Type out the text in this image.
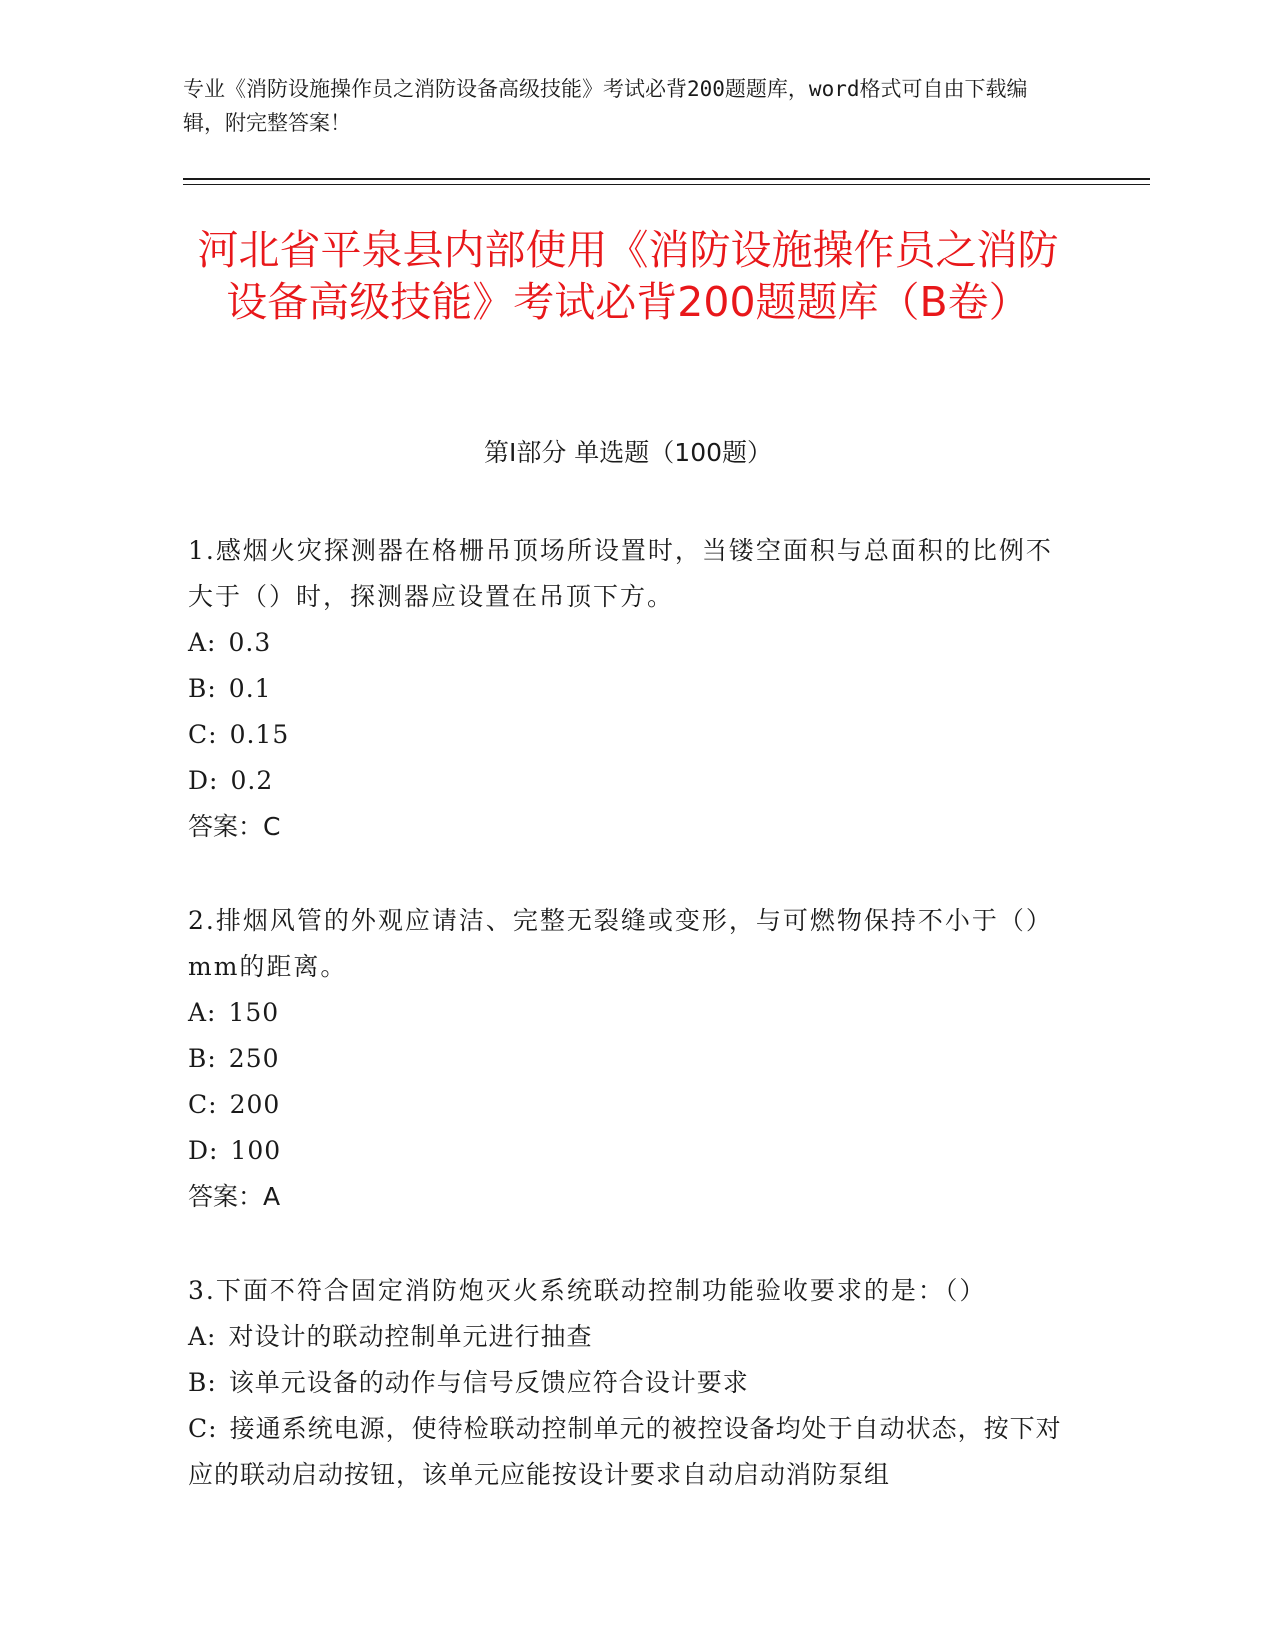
专业《消防设施操作员之消防设备高级技能》考试必背200题题库，word格式可自由下载编辑，附完整答案！
河北省平泉县内部使用《消防设施操作员之消防设备高级技能》考试必背200题题库（B卷）
第Ⅰ部分 单选题（100题）
1.感烟火灾探测器在格栅吊顶场所设置时，当镂空面积与总面积的比例不大于（）时，探测器应设置在吊顶下方。
A: 0.3
B: 0.1
C: 0.15
D: 0.2
答案：C
2.排烟风管的外观应请洁、完整无裂缝或变形，与可燃物保持不小于（）mm的距离。
A: 150
B: 250
C: 200
D: 100
答案：A
3.下面不符合固定消防炮灭火系统联动控制功能验收要求的是：（）
A: 对设计的联动控制单元进行抽查
B: 该单元设备的动作与信号反馈应符合设计要求
C: 接通系统电源，使待检联动控制单元的被控设备均处于自动状态，按下对应的联动启动按钮，该单元应能按设计要求自动启动消防泵组
